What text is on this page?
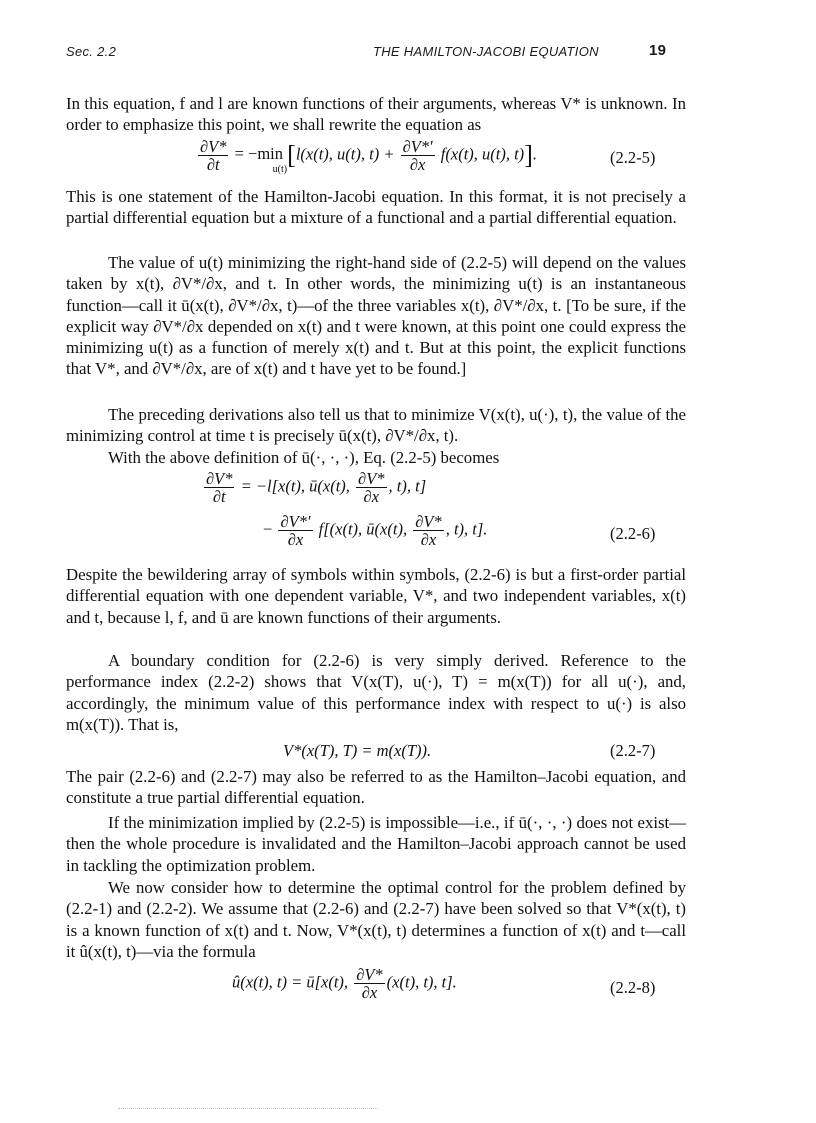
Sec. 2.2	THE HAMILTON-JACOBI EQUATION	19
In this equation, f and l are known functions of their arguments, whereas V* is unknown. In order to emphasize this point, we shall rewrite the equation as
$\frac{\partial V*}{\partial t} = -\min$
u(t)
[l(x(t), u(t), $t) + \frac{\partial V*'}{\partial x} f(x(t)$, u(t), t)].	(2.2-5)
This is one statement of the Hamilton-Jacobi equation. In this format, it is not precisely a partial differential equation but a mixture of a functional and a partial differential equation.
The value of u(t) minimizing the right-hand side of (2.2-5) will depend on the values taken by x(t), ∂V*/∂x, and t. In other words, the minimizing u(t) is an instantaneous function—call it ū(x(t), ∂V*/∂x, t)—of the three variables x(t), ∂V*/∂x, t. [To be sure, if the explicit way ∂V*/∂x depended on x(t) and t were known, at this point one could express the minimizing u(t) as a function of merely x(t) and t. But at this point, the explicit functions that V*, and ∂V*/∂x, are of x(t) and t have yet to be found.]
The preceding derivations also tell us that to minimize V(x(t), u(·), t), the value of the minimizing control at time t is precisely ū(x(t), ∂V*/∂x, t).
With the above definition of ū(·, ·, ·), Eq. (2.2-5) becomes
$\frac{\partial V*}{\partial t} = -l[x(t)$, ū(x(t), $\frac{\partial V*}{\partial x}$ , t), t]
− $\frac{\partial V*'}{\partial x} f[(x(t)$, ū(x(t), $\frac{\partial V*}{\partial x}$ , t), t].	(2.2-6)
Despite the bewildering array of symbols within symbols, (2.2-6) is but a first-order partial differential equation with one dependent variable, V*, and two independent variables, x(t) and t, because l, f, and ū are known functions of their arguments.
A boundary condition for (2.2-6) is very simply derived. Reference to the performance index (2.2-2) shows that V(x(T), u(·), T) = m(x(T)) for all u(·), and, accordingly, the minimum value of this performance index with respect to u(·) is also m(x(T)). That is,
V*(x(T), T) = m(x(T)).	(2.2-7)
The pair (2.2-6) and (2.2-7) may also be referred to as the Hamilton–Jacobi equation, and constitute a true partial differential equation.
If the minimization implied by (2.2-5) is impossible—i.e., if ū(·, ·, ·) does not exist—then the whole procedure is invalidated and the Hamilton–Jacobi approach cannot be used in tackling the optimization problem.
We now consider how to determine the optimal control for the problem defined by (2.2-1) and (2.2-2). We assume that (2.2-6) and (2.2-7) have been solved so that V*(x(t), t) is a known function of x(t) and t. Now, V*(x(t), t) determines a function of x(t) and t—call it û(x(t), t)—via the formula
û(x(t), t) = ū[x(t), $\frac{\partial V*}{\partial x} (x(t)$, t), t].	(2.2-8)
